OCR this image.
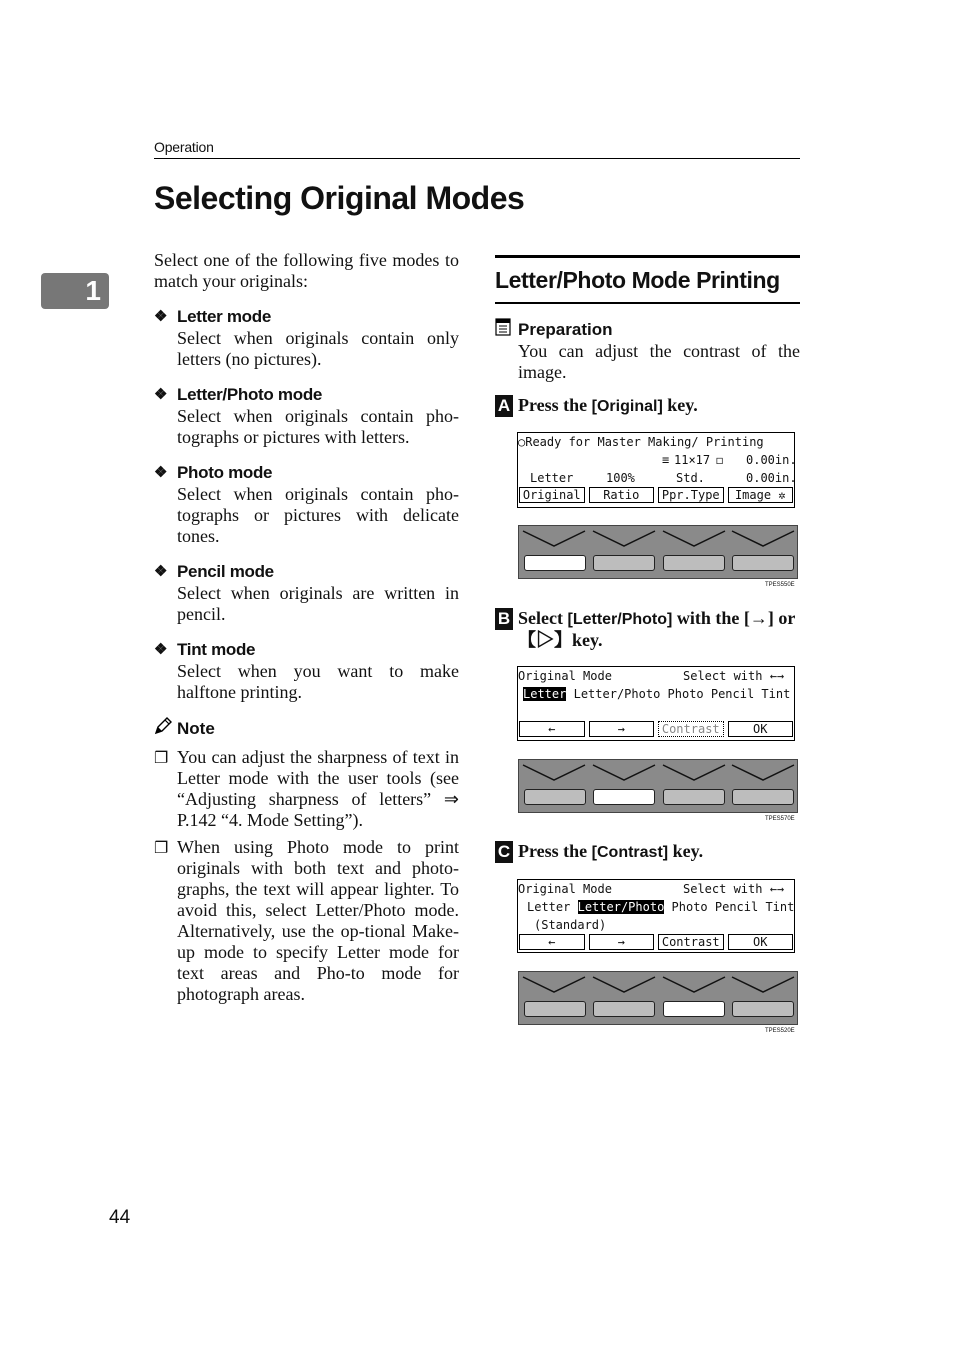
Operation
Selecting Original Modes
1
Select one of the following five modes to match your originals:
❖ Letter mode
Select when originals contain only letters (no pictures).
❖ Letter/Photo mode
Select when originals contain pho-tographs or pictures with letters.
❖ Photo mode
Select when originals contain pho-tographs or pictures with delicate tones.
❖ Pencil mode
Select when originals are written in pencil.
❖ Tint mode
Select when you want to make halftone printing.
Note
❐ You can adjust the sharpness of text in Letter mode with the user tools (see “Adjusting sharpness of letters” ⇒ P.142 “4. Mode Setting”).
❐ When using Photo mode to print originals with both text and photo-graphs, the text will appear lighter. To avoid this, select Letter/Photo mode. Alternatively, use the op-tional Make-up mode to specify Letter mode for text areas and Pho-to mode for photograph areas.
Letter/Photo Mode Printing
Preparation
You can adjust the contrast of the image.
A Press the [Original] key.
○Ready for Master Making/ Printing
≡ 11×17 ◻ 0.00in.
Letter	100%	Std.	0.00in.
Original	Ratio	Ppr.Type	Image ✲
TPES550E
B Select [Letter/Photo] with the [→] or【▷】key.
Original Mode	Select with ←→
Letter Letter/Photo Photo Pencil Tint
←	→	Contrast	OK
TPES570E
C Press the [Contrast] key.
Original Mode	Select with ←→
Letter Letter/Photo Photo Pencil Tint
(Standard)
←	→	Contrast	OK
TPES520E
44
